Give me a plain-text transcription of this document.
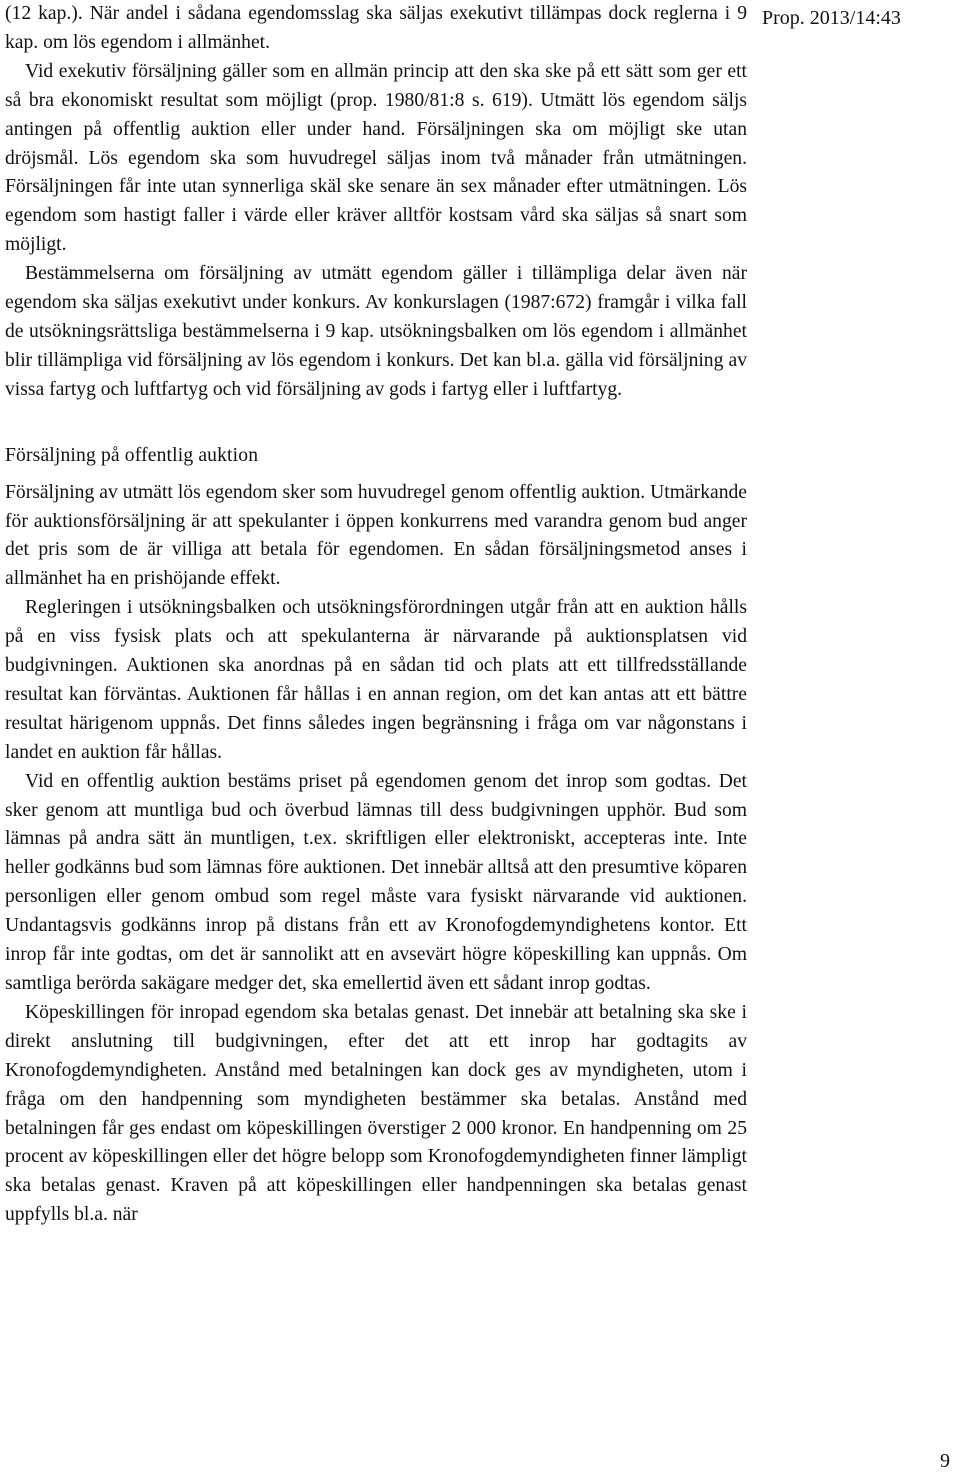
Prop. 2013/14:43

(12 kap.). När andel i sådana egendomsslag ska säljas exekutivt tillämpas dock reglerna i 9 kap. om lös egendom i allmänhet.

Vid exekutiv försäljning gäller som en allmän princip att den ska ske på ett sätt som ger ett så bra ekonomiskt resultat som möjligt (prop. 1980/81:8 s. 619). Utmätt lös egendom säljs antingen på offentlig auktion eller under hand. Försäljningen ska om möjligt ske utan dröjsmål. Lös egendom ska som huvudregel säljas inom två månader från utmätningen. Försäljningen får inte utan synnerliga skäl ske senare än sex månader efter utmätningen. Lös egendom som hastigt faller i värde eller kräver alltför kostsam vård ska säljas så snart som möjligt.

Bestämmelserna om försäljning av utmätt egendom gäller i tillämpliga delar även när egendom ska säljas exekutivt under konkurs. Av konkurslagen (1987:672) framgår i vilka fall de utsökningsrättsliga bestämmelserna i 9 kap. utsökningsbalken om lös egendom i allmänhet blir tillämpliga vid försäljning av lös egendom i konkurs. Det kan bl.a. gälla vid försäljning av vissa fartyg och luftfartyg och vid försäljning av gods i fartyg eller i luftfartyg.

Försäljning på offentlig auktion

Försäljning av utmätt lös egendom sker som huvudregel genom offentlig auktion. Utmärkande för auktionsförsäljning är att spekulanter i öppen konkurrens med varandra genom bud anger det pris som de är villiga att betala för egendomen. En sådan försäljningsmetod anses i allmänhet ha en prishöjande effekt.

Regleringen i utsökningsbalken och utsökningsförordningen utgår från att en auktion hålls på en viss fysisk plats och att spekulanterna är närvarande på auktionsplatsen vid budgivningen. Auktionen ska anordnas på en sådan tid och plats att ett tillfredsställande resultat kan förväntas. Auktionen får hållas i en annan region, om det kan antas att ett bättre resultat härigenom uppnås. Det finns således ingen begränsning i fråga om var någonstans i landet en auktion får hållas.

Vid en offentlig auktion bestäms priset på egendomen genom det inrop som godtas. Det sker genom att muntliga bud och överbud lämnas till dess budgivningen upphör. Bud som lämnas på andra sätt än muntligen, t.ex. skriftligen eller elektroniskt, accepteras inte. Inte heller godkänns bud som lämnas före auktionen. Det innebär alltså att den presumtive köparen personligen eller genom ombud som regel måste vara fysiskt närvarande vid auktionen. Undantagsvis godkänns inrop på distans från ett av Kronofogdemyndighetens kontor. Ett inrop får inte godtas, om det är sannolikt att en avsevärt högre köpeskilling kan uppnås. Om samtliga berörda sakägare medger det, ska emellertid även ett sådant inrop godtas.

Köpeskillingen för inropad egendom ska betalas genast. Det innebär att betalning ska ske i direkt anslutning till budgivningen, efter det att ett inrop har godtagits av Kronofogdemyndigheten. Anstånd med betalningen kan dock ges av myndigheten, utom i fråga om den handpenning som myndigheten bestämmer ska betalas. Anstånd med betalningen får ges endast om köpeskillingen överstiger 2 000 kronor. En handpenning om 25 procent av köpeskillingen eller det högre belopp som Kronofogdemyndigheten finner lämpligt ska betalas genast. Kraven på att köpeskillingen eller handpenningen ska betalas genast uppfylls bl.a. när

9
